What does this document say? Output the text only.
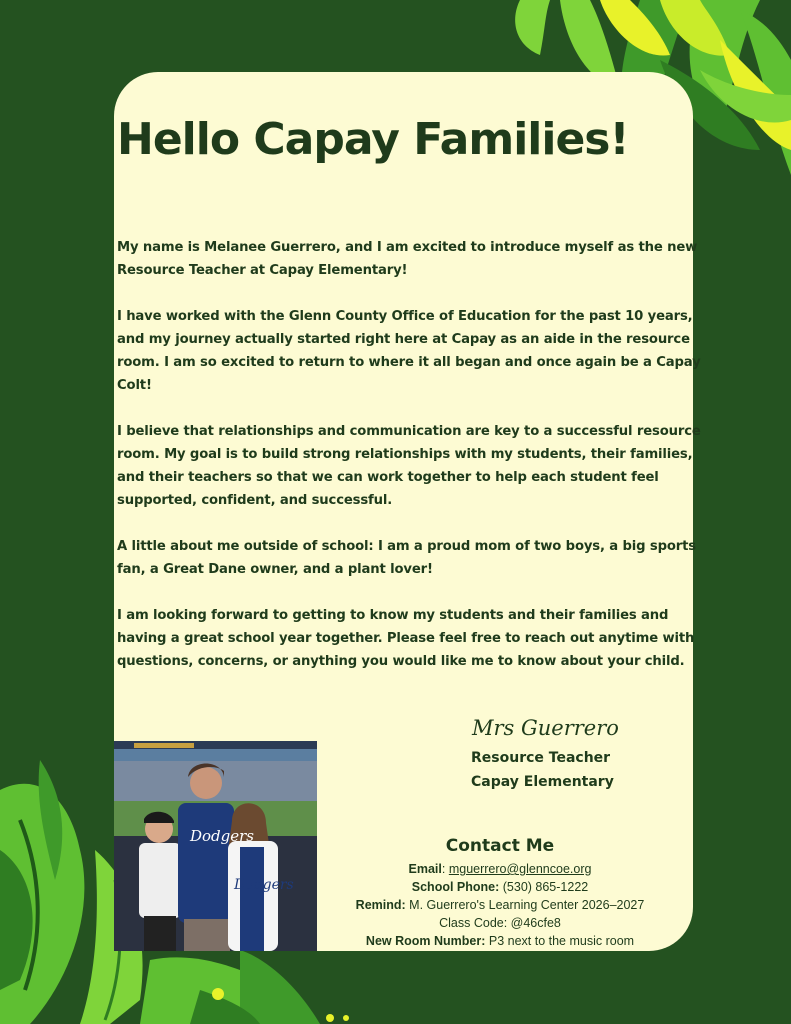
Hello Capay Families!

My name is Melanee Guerrero, and I am excited to introduce myself as the new Resource Teacher at Capay Elementary!

I have worked with the Glenn County Office of Education for the past 10 years, and my journey actually started right here at Capay as an aide in the resource room. I am so excited to return to where it all began and once again be a Capay Colt!

I believe that relationships and communication are key to a successful resource room. My goal is to build strong relationships with my students, their families, and their teachers so that we can work together to help each student feel supported, confident, and successful.

A little about me outside of school: I am a proud mom of two boys, a big sports fan, a Great Dane owner, and a plant lover!

I am looking forward to getting to know my students and their families and having a great school year together. Please feel free to reach out anytime with questions, concerns, or anything you would like me to know about your child.

Mrs Guerrero
Resource Teacher
Capay Elementary
Dodgers
Dodgers
Contact Me
Email: mguerrero@glenncoe.org
School Phone: (530) 865-1222
Remind: M. Guerrero's Learning Center 2026–2027
Class Code: @46cfe8
New Room Number: P3 next to the music room
